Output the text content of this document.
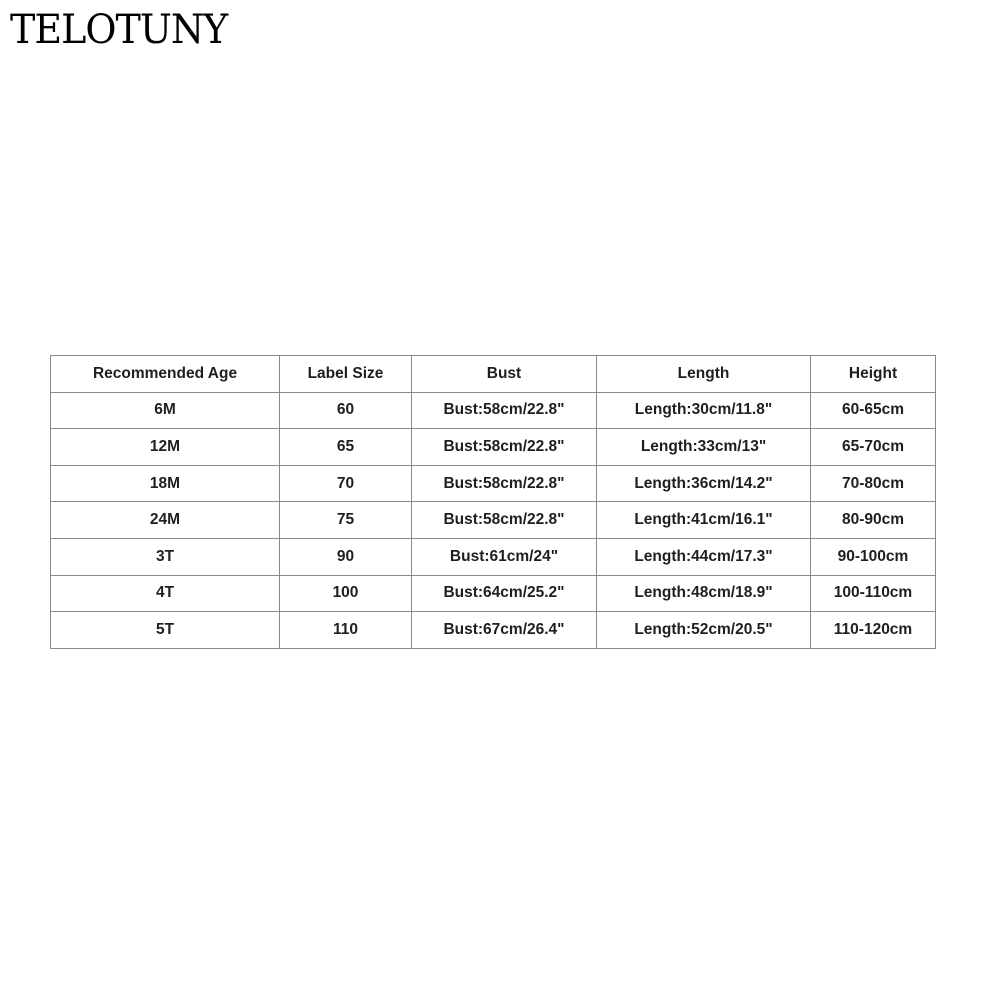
TELOTUNY
Recommended Age	Label Size	Bust	Length	Height
6M	60	Bust:58cm/22.8"	Length:30cm/11.8"	60-65cm
12M	65	Bust:58cm/22.8"	Length:33cm/13"	65-70cm
18M	70	Bust:58cm/22.8"	Length:36cm/14.2"	70-80cm
24M	75	Bust:58cm/22.8"	Length:41cm/16.1"	80-90cm
3T	90	Bust:61cm/24"	Length:44cm/17.3"	90-100cm
4T	100	Bust:64cm/25.2"	Length:48cm/18.9"	100-110cm
5T	110	Bust:67cm/26.4"	Length:52cm/20.5"	110-120cm
